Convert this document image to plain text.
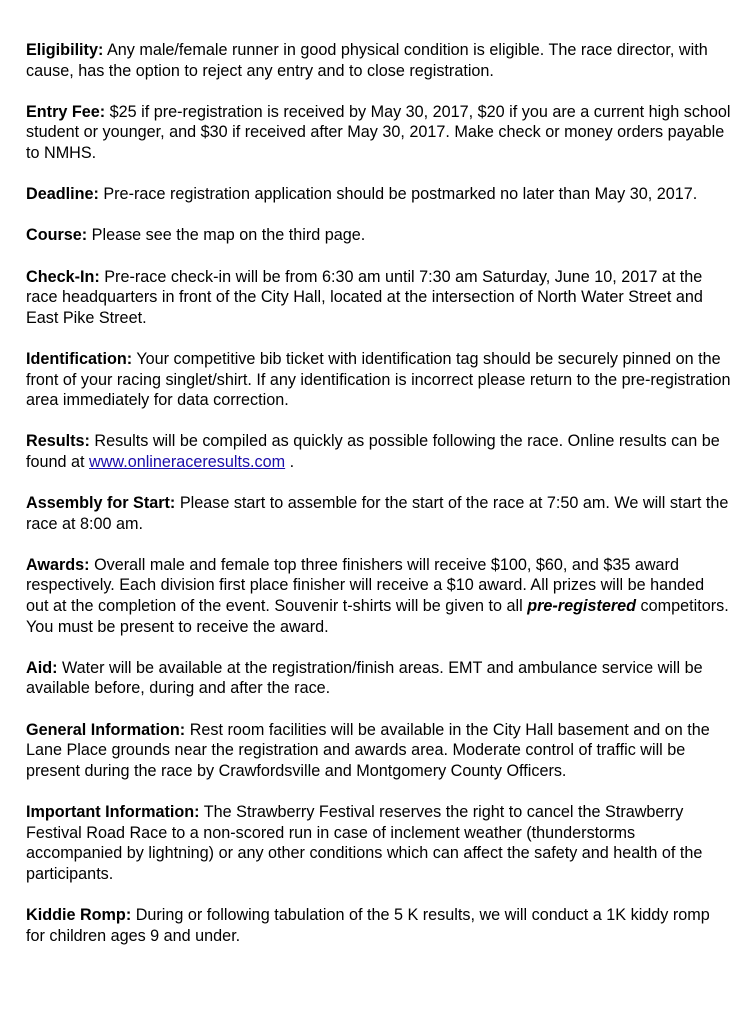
Eligibility: Any male/female runner in good physical condition is eligible. The race director, with cause, has the option to reject any entry and to close registration.

Entry Fee: $25 if pre-registration is received by May 30, 2017, $20 if you are a current high school student or younger, and $30 if received after May 30, 2017. Make check or money orders payable to NMHS.

Deadline: Pre-race registration application should be postmarked no later than May 30, 2017.

Course: Please see the map on the third page.

Check-In: Pre-race check-in will be from 6:30 am until 7:30 am Saturday, June 10, 2017 at the race headquarters in front of the City Hall, located at the intersection of North Water Street and East Pike Street.

Identification: Your competitive bib ticket with identification tag should be securely pinned on the front of your racing singlet/shirt. If any identification is incorrect please return to the pre-registration area immediately for data correction.

Results: Results will be compiled as quickly as possible following the race. Online results can be found at www.onlineraceresults.com .

Assembly for Start: Please start to assemble for the start of the race at 7:50 am. We will start the race at 8:00 am.

Awards: Overall male and female top three finishers will receive $100, $60, and $35 award respectively. Each division first place finisher will receive a $10 award. All prizes will be handed out at the completion of the event. Souvenir t-shirts will be given to all pre-registered competitors. You must be present to receive the award.

Aid: Water will be available at the registration/finish areas. EMT and ambulance service will be available before, during and after the race.

General Information: Rest room facilities will be available in the City Hall basement and on the Lane Place grounds near the registration and awards area. Moderate control of traffic will be present during the race by Crawfordsville and Montgomery County Officers.

Important Information: The Strawberry Festival reserves the right to cancel the Strawberry Festival Road Race to a non-scored run in case of inclement weather (thunderstorms accompanied by lightning) or any other conditions which can affect the safety and health of the participants.

Kiddie Romp: During or following tabulation of the 5 K results, we will conduct a 1K kiddy romp for children ages 9 and under.
